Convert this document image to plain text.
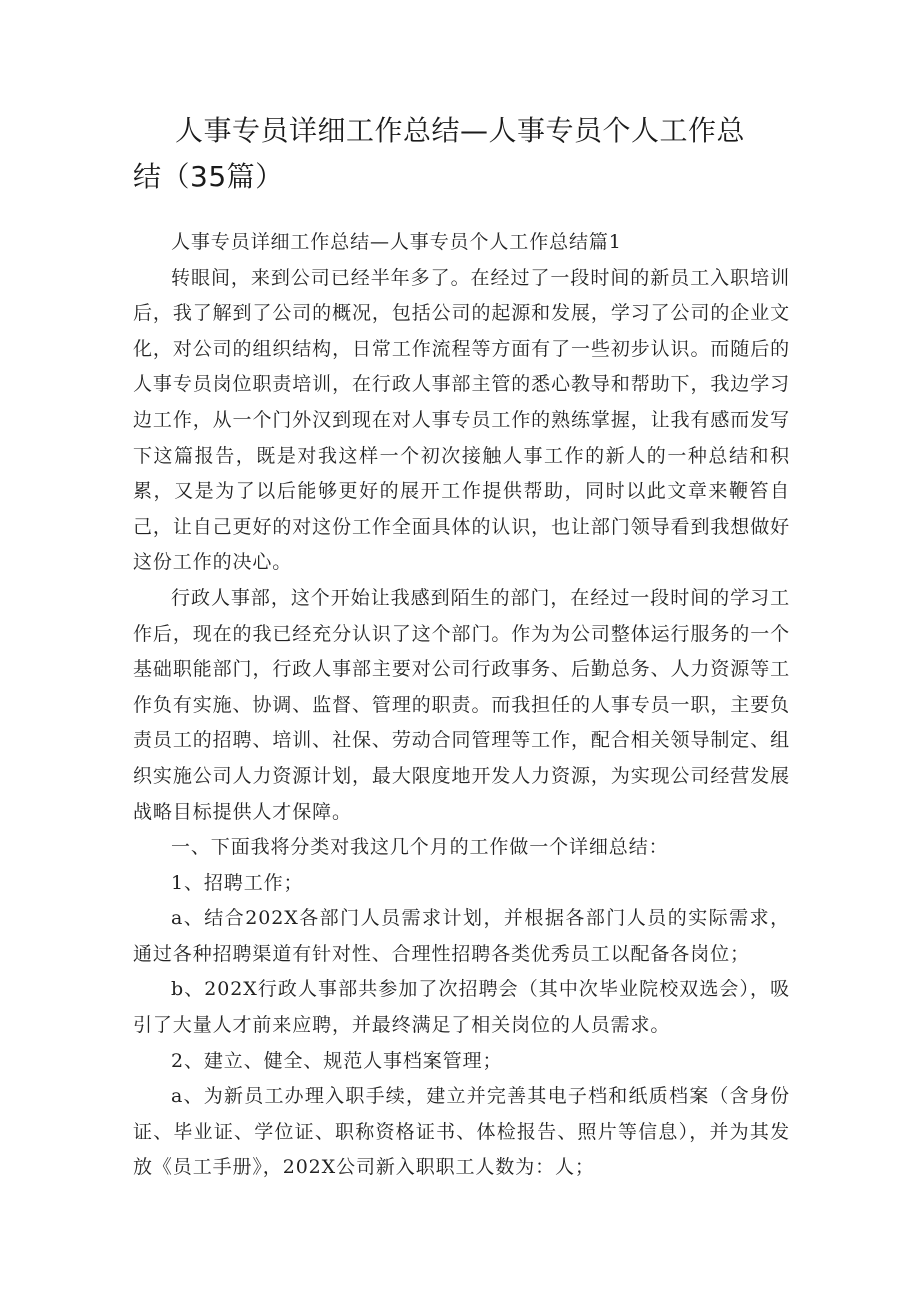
人事专员详细工作总结—人事专员个人工作总结（35篇）

人事专员详细工作总结—人事专员个人工作总结篇1

转眼间，来到公司已经半年多了。在经过了一段时间的新员工入职培训后，我了解到了公司的概况，包括公司的起源和发展，学习了公司的企业文化，对公司的组织结构，日常工作流程等方面有了一些初步认识。而随后的人事专员岗位职责培训，在行政人事部主管的悉心教导和帮助下，我边学习边工作，从一个门外汉到现在对人事专员工作的熟练掌握，让我有感而发写下这篇报告，既是对我这样一个初次接触人事工作的新人的一种总结和积累，又是为了以后能够更好的展开工作提供帮助，同时以此文章来鞭笞自己，让自己更好的对这份工作全面具体的认识，也让部门领导看到我想做好这份工作的决心。

行政人事部，这个开始让我感到陌生的部门，在经过一段时间的学习工作后，现在的我已经充分认识了这个部门。作为为公司整体运行服务的一个基础职能部门，行政人事部主要对公司行政事务、后勤总务、人力资源等工作负有实施、协调、监督、管理的职责。而我担任的人事专员一职，主要负责员工的招聘、培训、社保、劳动合同管理等工作，配合相关领导制定、组织实施公司人力资源计划，最大限度地开发人力资源，为实现公司经营发展战略目标提供人才保障。

一、下面我将分类对我这几个月的工作做一个详细总结：

1、招聘工作；

a、结合202X各部门人员需求计划，并根据各部门人员的实际需求，通过各种招聘渠道有针对性、合理性招聘各类优秀员工以配备各岗位；

b、202X行政人事部共参加了次招聘会（其中次毕业院校双选会），吸引了大量人才前来应聘，并最终满足了相关岗位的人员需求。

2、建立、健全、规范人事档案管理；

a、为新员工办理入职手续，建立并完善其电子档和纸质档案（含身份证、毕业证、学位证、职称资格证书、体检报告、照片等信息），并为其发放《员工手册》，202X公司新入职职工人数为：人；
